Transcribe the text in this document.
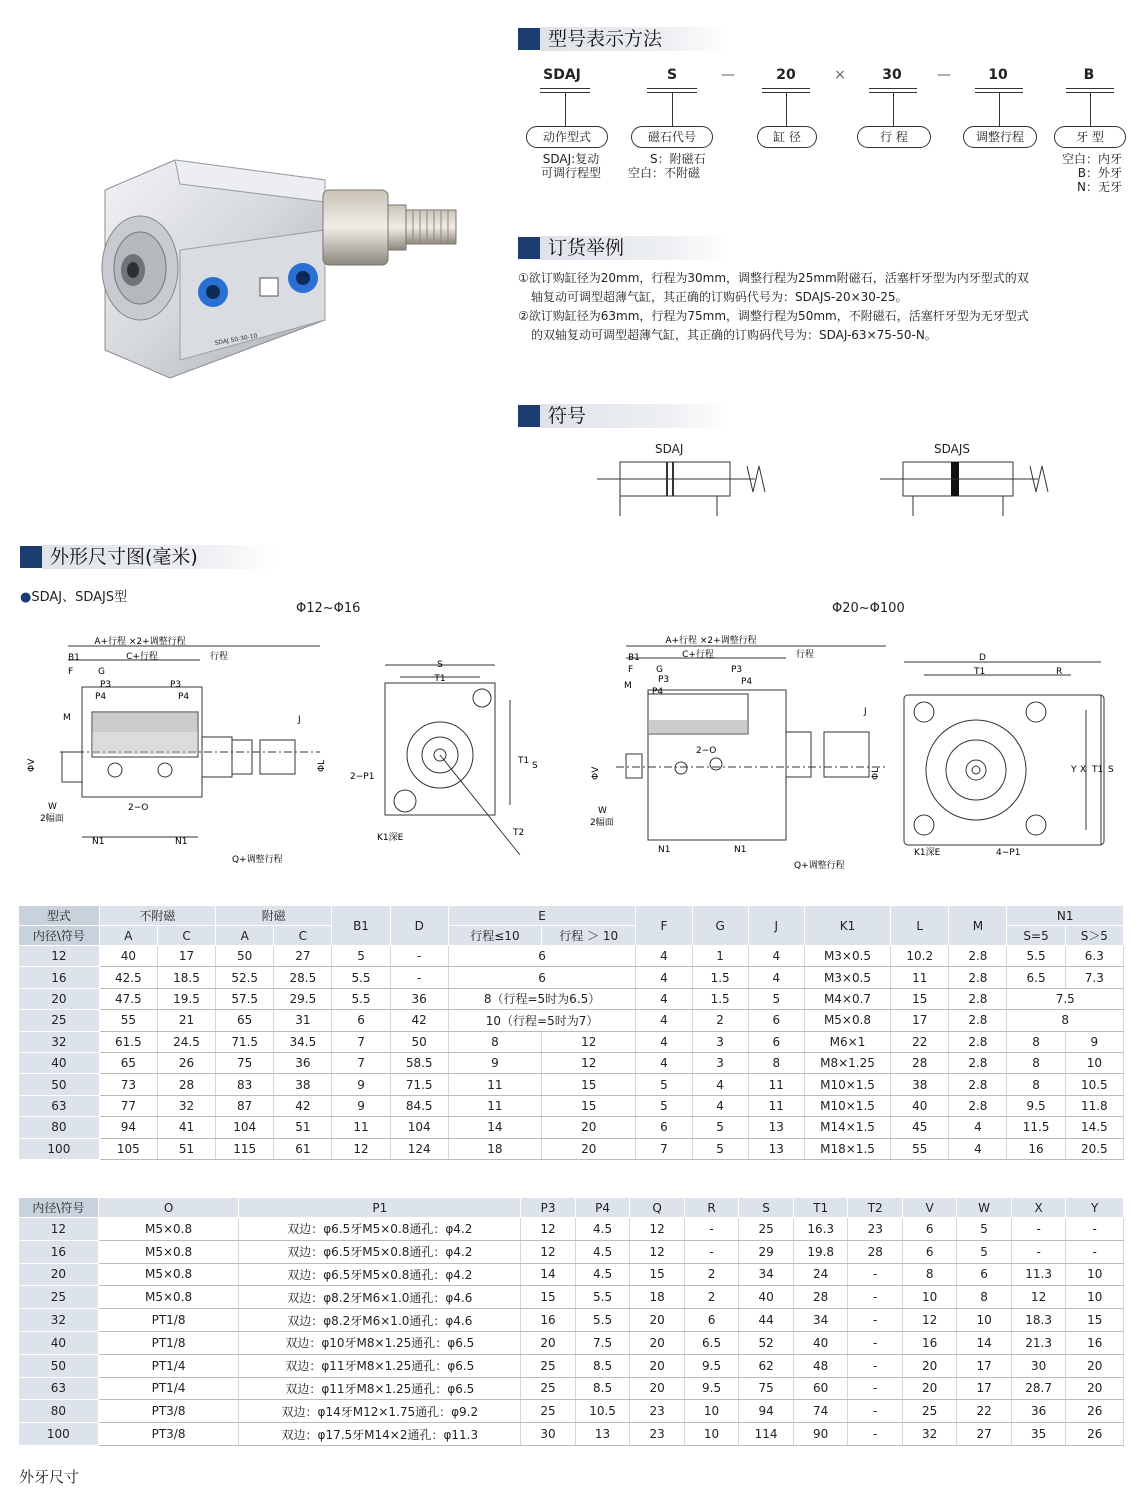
SDAJ 50-30-10
型号表示方法
SDAJ	S	—	20	×	30	—	10	B
动作型式	磁石代号	缸 径	行 程	调整行程	牙 型
SDAJ:复动
可调行程型
S：附磁石
空白：不附磁
空白：内牙
B：外牙
N：无牙
订货举例

①欲订购缸径为20mm，行程为30mm，调整行程为25mm附磁石，活塞杆牙型为内牙型式的双

轴复动可调型超薄气缸，其正确的订购码代号为：SDAJS-20×30-25。

②欲订购缸径为63mm，行程为75mm，调整行程为50mm，不附磁石，活塞杆牙型为无牙型式

的双轴复动可调型超薄气缸，其正确的订购码代号为：SDAJ-63×75-50-N。

符号
SDAJ	SDAJS
外形尺寸图(毫米)
●SDAJ、SDAJS型
Φ12~Φ16	Φ20~Φ100
A+行程 ×2+调整行程
C+行程	行程
B1
F	G
P3	P3
P4	P4
M	J
ΦV	ΦL
W
2幅面
2−O
N1	N1
Q+调整行程
S
T1
2−P1
K1深E
T1 S
T2
A+行程 ×2+调整行程
C+行程	行程
B1
F	G
P3
P3
P4
P4
M
J
2−O
ΦV	ΦL
W
2幅面
N1	N1
Q+调整行程
D
T1	R
Y X T1 S
K1深E	4−P1
型式	不附磁		附磁		B1	D	E		F	G	J	K1	L	M	N1	
内径\符号	A	C	A	C			行程≤10	行程 ＞ 10							S=5	S＞5
12	40	17	50	27	5	-	6		4	1	4	M3×0.5	10.2	2.8	5.5	6.3
16	42.5	18.5	52.5	28.5	5.5	-	6		4	1.5	4	M3×0.5	11	2.8	6.5	7.3
20	47.5	19.5	57.5	29.5	5.5	36	8（行程=5时为6.5）		4	1.5	5	M4×0.7	15	2.8	7.5	
25	55	21	65	31	6	42	10（行程=5时为7）		4	2	6	M5×0.8	17	2.8	8	
32	61.5	24.5	71.5	34.5	7	50	8	12	4	3	6	M6×1	22	2.8	8	9
40	65	26	75	36	7	58.5	9	12	4	3	8	M8×1.25	28	2.8	8	10
50	73	28	83	38	9	71.5	11	15	5	4	11	M10×1.5	38	2.8	8	10.5
63	77	32	87	42	9	84.5	11	15	5	4	11	M10×1.5	40	2.8	9.5	11.8
80	94	41	104	51	11	104	14	20	6	5	13	M14×1.5	45	4	11.5	14.5
100	105	51	115	61	12	124	18	20	7	5	13	M18×1.5	55	4	16	20.5
内径\符号	O	P1	P3	P4	Q	R	S	T1	T2	V	W	X	Y
12	M5×0.8	双边：φ6.5牙M5×0.8通孔：φ4.2	12	4.5	12	-	25	16.3	23	6	5	-	-
16	M5×0.8	双边：φ6.5牙M5×0.8通孔：φ4.2	12	4.5	12	-	29	19.8	28	6	5	-	-
20	M5×0.8	双边：φ6.5牙M5×0.8通孔：φ4.2	14	4.5	15	2	34	24	-	8	6	11.3	10
25	M5×0.8	双边：φ8.2牙M6×1.0通孔：φ4.6	15	5.5	18	2	40	28	-	10	8	12	10
32	PT1/8	双边：φ8.2牙M6×1.0通孔：φ4.6	16	5.5	20	6	44	34	-	12	10	18.3	15
40	PT1/8	双边：φ10牙M8×1.25通孔：φ6.5	20	7.5	20	6.5	52	40	-	16	14	21.3	16
50	PT1/4	双边：φ11牙M8×1.25通孔：φ6.5	25	8.5	20	9.5	62	48	-	20	17	30	20
63	PT1/4	双边：φ11牙M8×1.25通孔：φ6.5	25	8.5	20	9.5	75	60	-	20	17	28.7	20
80	PT3/8	双边：φ14牙M12×1.75通孔：φ9.2	25	10.5	23	10	94	74	-	25	22	36	26
100	PT3/8	双边：φ17.5牙M14×2通孔：φ11.3	30	13	23	10	114	90	-	32	27	35	26
外牙尺寸
